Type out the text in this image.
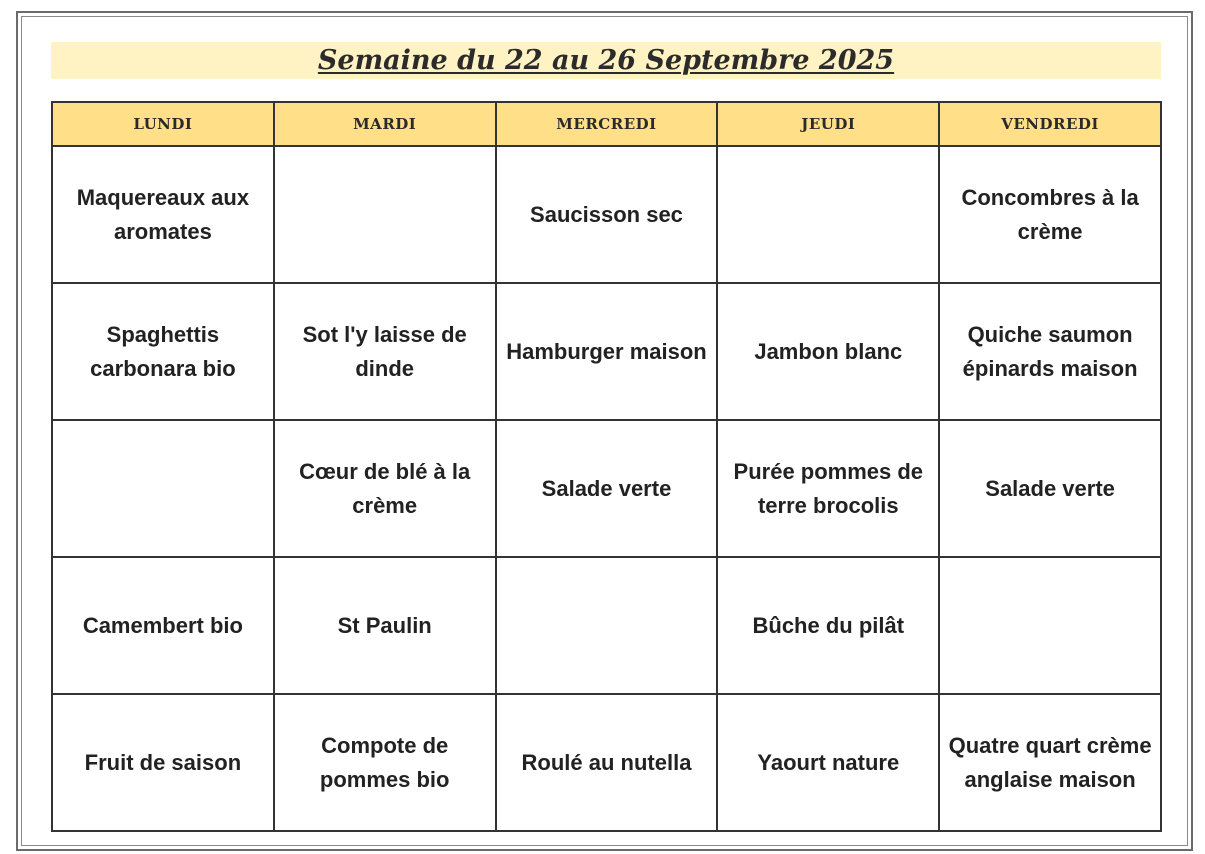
Semaine du 22 au 26 Septembre 2025
LUNDI	MARDI	MERCREDI	JEUDI	VENDREDI
Maquereaux aux aromates		Saucisson sec		Concombres à la crème
Spaghettis carbonara bio	Sot l'y laisse de dinde	Hamburger maison	Jambon blanc	Quiche saumon épinards maison
	Cœur de blé à la crème	Salade verte	Purée pommes de terre brocolis	Salade verte
Camembert bio	St Paulin		Bûche du pilât	
Fruit de saison	Compote de pommes bio	Roulé au nutella	Yaourt nature	Quatre quart crème anglaise maison
